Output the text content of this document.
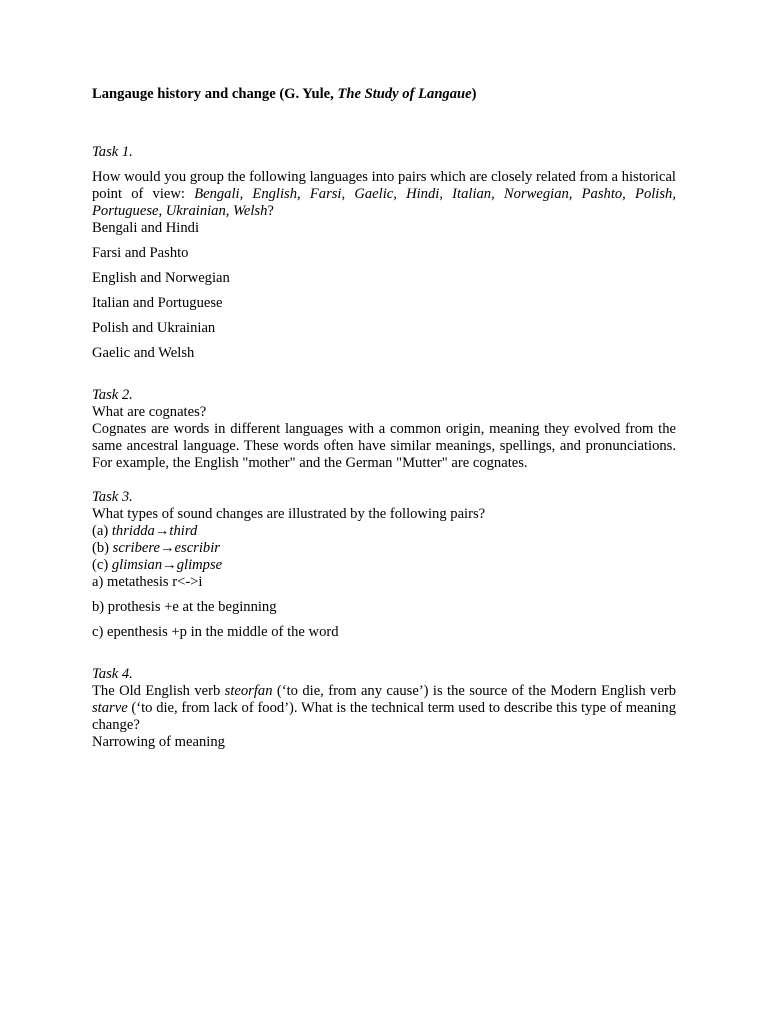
Langauge history and change (G. Yule, The Study of Langaue)

Task 1.

How would you group the following languages into pairs which are closely related from a historical point of view: Bengali, English, Farsi, Gaelic, Hindi, Italian, Norwegian, Pashto, Polish, Portuguese, Ukrainian, Welsh?

Bengali and Hindi

Farsi and Pashto

English and Norwegian

Italian and Portuguese

Polish and Ukrainian

Gaelic and Welsh

Task 2.

What are cognates?

Cognates are words in different languages with a common origin, meaning they evolved from the same ancestral language. These words often have similar meanings, spellings, and pronunciations. For example, the English "mother" and the German "Mutter" are cognates.

Task 3.

What types of sound changes are illustrated by the following pairs?

(a) thridda→third

(b) scribere→escribir

(c) glimsian→glimpse

a) metathesis r<->i

b) prothesis +e at the beginning

c) epenthesis +p in the middle of the word

Task 4.

The Old English verb steorfan (‘to die, from any cause’) is the source of the Modern English verb starve (‘to die, from lack of food’). What is the technical term used to describe this type of meaning change?

Narrowing of meaning
